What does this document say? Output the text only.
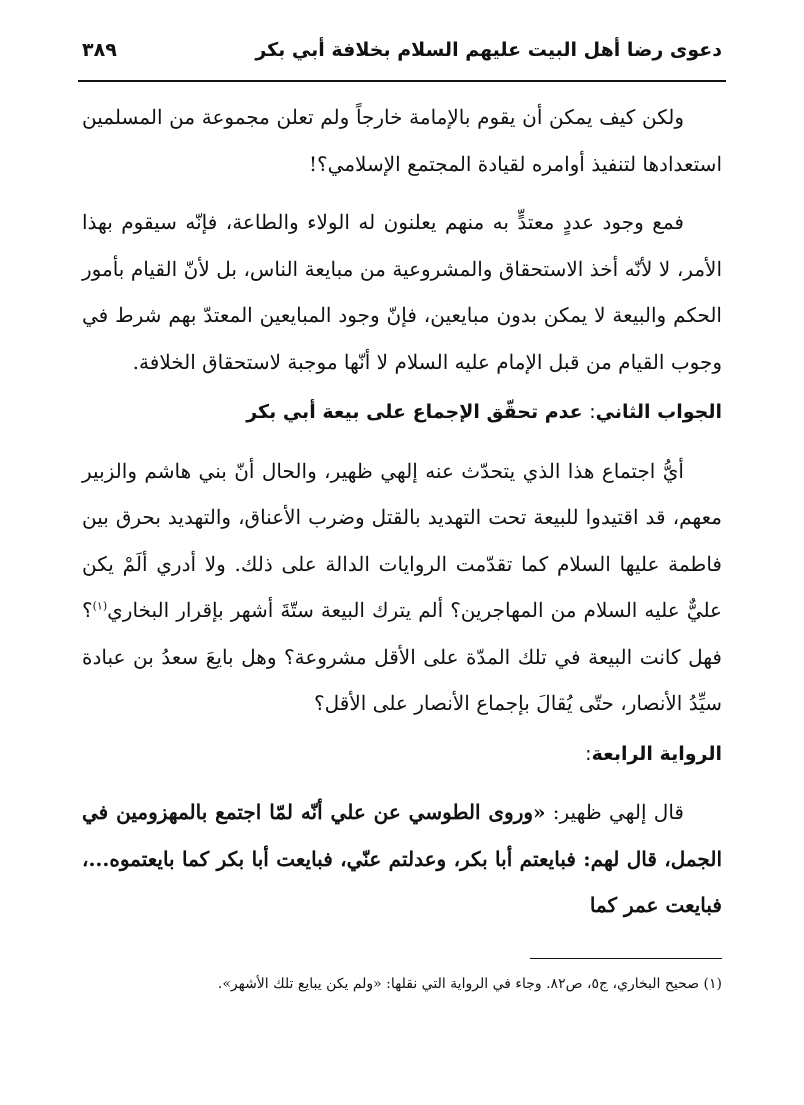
دعوى رضا أهل البيت عليهم السلام بخلافة أبي بكر
٣٨٩

ولكن كيف يمكن أن يقوم بالإمامة خارجاً ولم تعلن مجموعة من المسلمين استعدادها لتنفيذ أوامره لقيادة المجتمع الإسلامي؟!

فمع وجود عددٍ معتدٍّ به منهم يعلنون له الولاء والطاعة، فإنّه سيقوم بهذا الأمر، لا لأنّه أخذ الاستحقاق والمشروعية من مبايعة الناس، بل لأنّ القيام بأمور الحكم والبيعة لا يمكن بدون مبايعين، فإنّ وجود المبايعين المعتدّ بهم شرط في وجوب القيام من قبل الإمام عليه السلام لا أنّها موجبة لاستحقاق الخلافة.

الجواب الثاني: عدم تحقّق الإجماع على بيعة أبي بكر

أيُّ اجتماع هذا الذي يتحدّث عنه إلهي ظهير، والحال أنّ بني هاشم والزبير معهم، قد اقتيدوا للبيعة تحت التهديد بالقتل وضرب الأعناق، والتهديد بحرق بين فاطمة عليها السلام كما تقدّمت الروايات الدالة على ذلك. ولا أدري ألَمْ يكن عليٌّ عليه السلام من المهاجرين؟ ألم يترك البيعة ستّةَ أشهر بإقرار البخاري$^{(١)}$؟ فهل كانت البيعة في تلك المدّة على الأقل مشروعة؟ وهل بايعَ سعدُ بن عبادة سيِّدُ الأنصار، حتّى يُقالَ بإجماع الأنصار على الأقل؟

الرواية الرابعة:

قال إلهي ظهير: «وروى الطوسي عن علي أنّه لمّا اجتمع بالمهزومين في الجمل، قال لهم: فبايعتم أبا بكر، وعدلتم عنّي، فبايعت أبا بكر كما بايعتموه...، فبايعت عمر كما

(١) صحيح البخاري، ج٥، ص٨٢. وجاء في الرواية التي نقلها: «ولم يكن يبايع تلك الأشهر».
